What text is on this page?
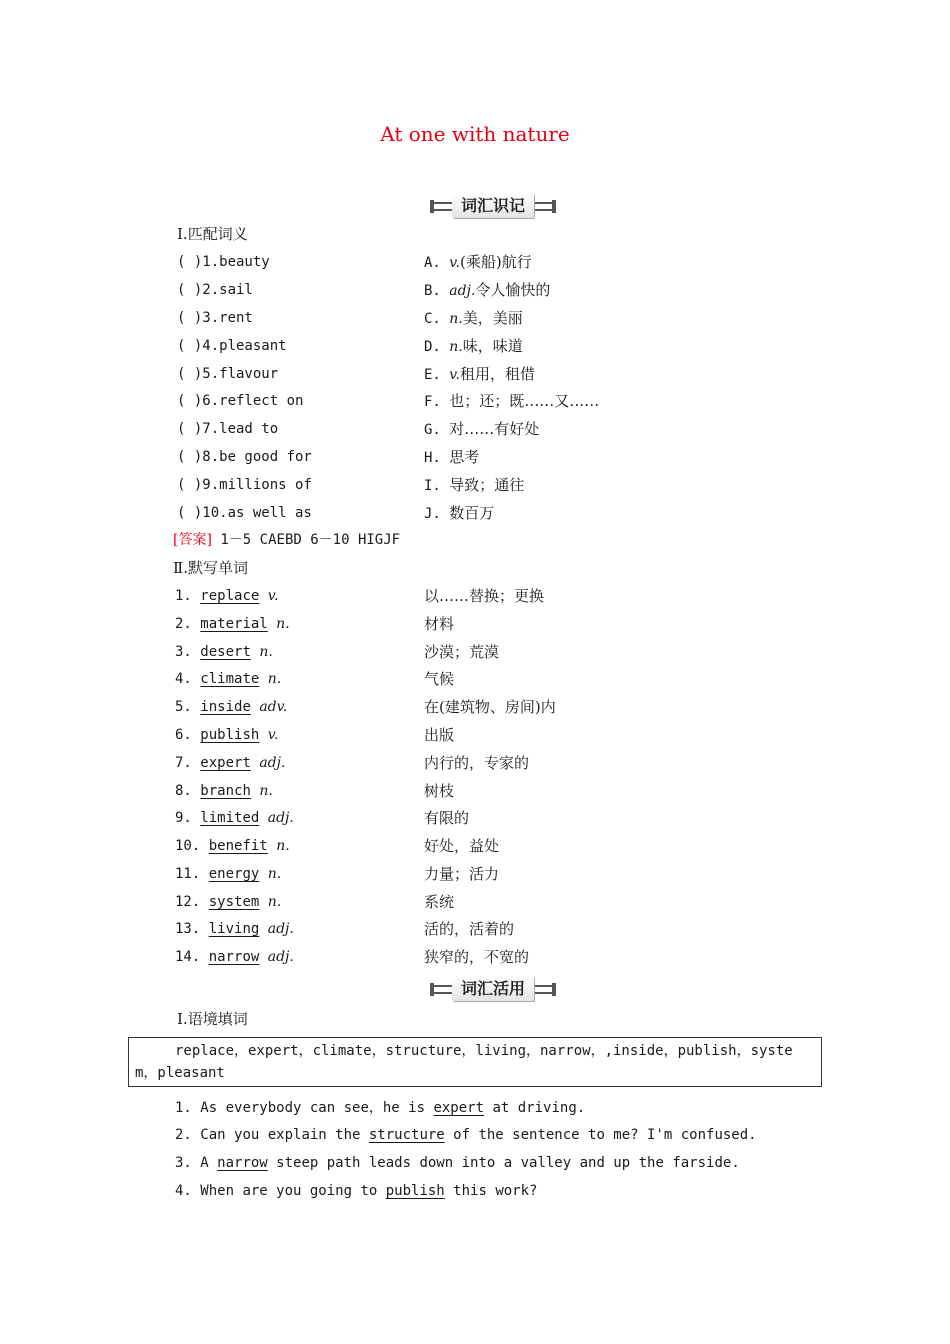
At one with nature
词汇识记
Ⅰ.匹配词义
( )1.beauty	A. v.(乘船)航行
( )2.sail	B. adj.令人愉快的
( )3.rent	C. n.美，美丽
( )4.pleasant	D. n.味，味道
( )5.flavour	E. v.租用，租借
( )6.reflect on	F. 也；还；既……又……
( )7.lead to	G. 对……有好处
( )8.be good for	H. 思考
( )9.millions of	I. 导致；通往
( )10.as well as	J. 数百万
[答案] 1－5 CAEBD 6－10 HIGJF
Ⅱ.默写单词
1. replace v.	以……替换；更换
2. material n.	材料
3. desert n.	沙漠；荒漠
4. climate n.	气候
5. inside adv.	在(建筑物、房间)内
6. publish v.	出版
7. expert adj.	内行的，专家的
8. branch n.	树枝
9. limited adj.	有限的
10. benefit n.	好处，益处
11. energy n.	力量；活力
12. system n.	系统
13. living adj.	活的，活着的
14. narrow adj.	狭窄的，不宽的
词汇活用
Ⅰ.语境填词
replace，expert，climate，structure，living，narrow，,inside，publish，system，pleasant
1. As everybody can see，he is expert at driving.
2. Can you explain the structure of the sentence to me? I'm confused.
3. A narrow steep path leads down into a valley and up the farside.
4. When are you going to publish this work?
